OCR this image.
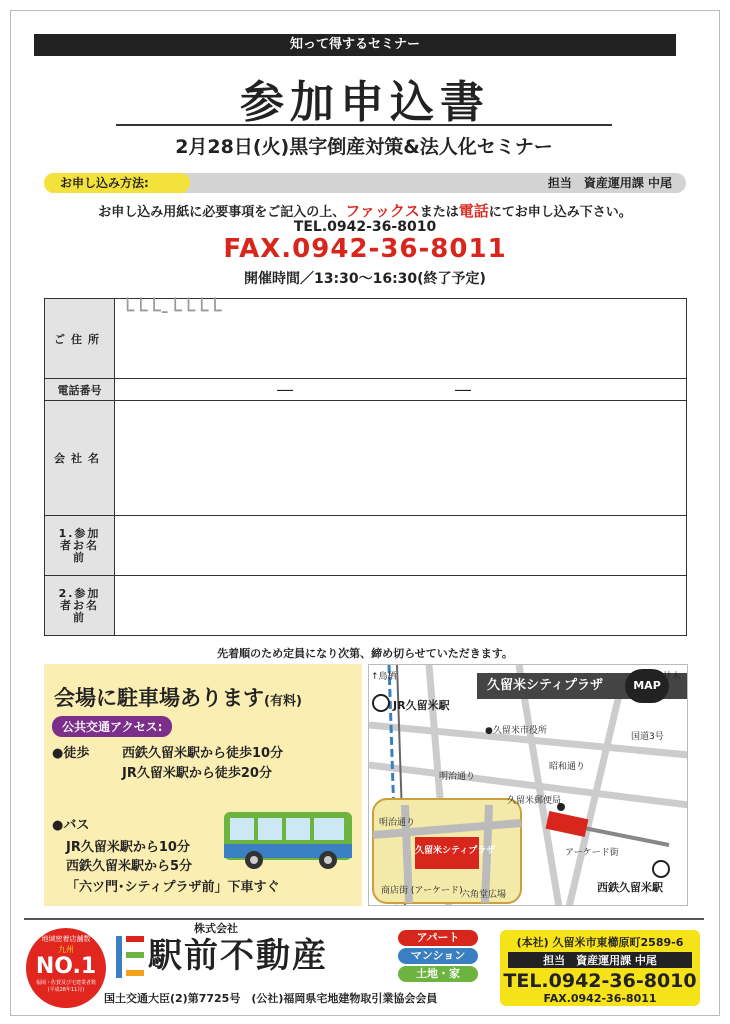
知って得するセミナー
参加申込書
2月28日(火)黒字倒産対策&法人化セミナー
お申し込み方法:	担当　資産運用課 中尾
お申し込み用紙に必要事項をご記入の上、ファックスまたは電話にてお申し込み下さい。
TEL.0942-36-8010
FAX.0942-36-8011
開催時間／13:30〜16:30(終了予定)
ご住所	└└└-└└└└
電話番号	― ―
会社名	
1.参加者お名前	
2.参加者お名前	
先着順のため定員になり次第、締め切らせていただきます。
会場に駐車場あります(有料)
公共交通アクセス:
●徒歩	西鉄久留米駅から徒歩10分
JR久留米駅から徒歩20分
●バス
JR久留米駅から10分
西鉄久留米駅から5分
「六ツ門･シティプラザ前」下車すぐ
久留米シティプラザ	MAP
JR久留米駅
●久留米市役所
明治通り
昭和通り
久留米郵便局
アーケード街
西鉄久留米駅
明治通り
久留米シティプラザ
商店街 (アーケード)
六角堂広場
国道3号
↑鳥栖	↑甘木
地域密着店舗数
九州
NO.1
福岡・佐賀及び宅建業者数(平成28年11月)
株式会社
駅前不動産	アパート
マンション
土地・家
国土交通大臣(2)第7725号　(公社)福岡県宅地建物取引業協会会員
(本社) 久留米市東櫛原町2589-6
担当　資産運用課 中尾
TEL.0942-36-8010
FAX.0942-36-8011
